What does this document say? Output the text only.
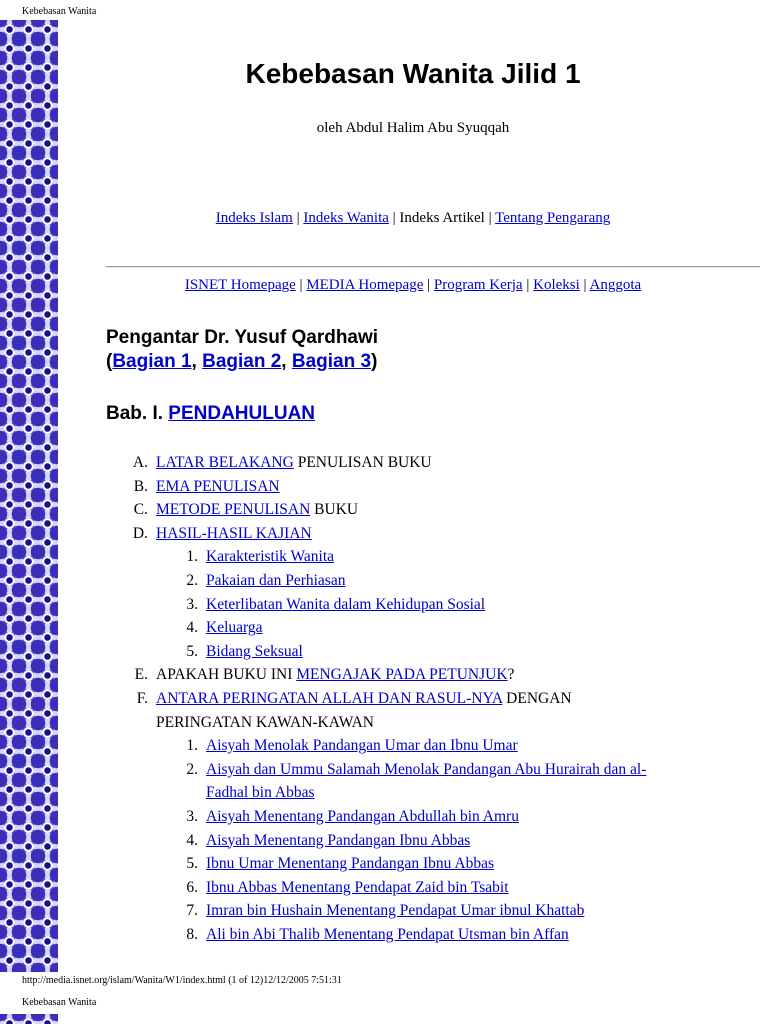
Kebebasan Wanita
Kebebasan Wanita Jilid 1
oleh Abdul Halim Abu Syuqqah
Indeks Islam | Indeks Wanita | Indeks Artikel | Tentang Pengarang
ISNET Homepage | MEDIA Homepage | Program Kerja | Koleksi | Anggota
Pengantar Dr. Yusuf Qardhawi
(Bagian 1, Bagian 2, Bagian 3)
Bab. I. PENDAHULUAN
A. LATAR BELAKANG PENULISAN BUKU
B. EMA PENULISAN
C. METODE PENULISAN BUKU
D. HASIL-HASIL KAJIAN
1. Karakteristik Wanita
2. Pakaian dan Perhiasan
3. Keterlibatan Wanita dalam Kehidupan Sosial
4. Keluarga
5. Bidang Seksual
E. APAKAH BUKU INI MENGAJAK PADA PETUNJUK?
F. ANTARA PERINGATAN ALLAH DAN RASUL-NYA DENGAN
PERINGATAN KAWAN-KAWAN
1. Aisyah Menolak Pandangan Umar dan Ibnu Umar
2. Aisyah dan Ummu Salamah Menolak Pandangan Abu Hurairah dan al-
Fadhal bin Abbas
3. Aisyah Menentang Pandangan Abdullah bin Amru
4. Aisyah Menentang Pandangan Ibnu Abbas
5. Ibnu Umar Menentang Pandangan Ibnu Abbas
6. Ibnu Abbas Menentang Pendapat Zaid bin Tsabit
7. Imran bin Hushain Menentang Pendapat Umar ibnul Khattab
8. Ali bin Abi Thalib Menentang Pendapat Utsman bin Affan
http://media.isnet.org/islam/Wanita/W1/index.html (1 of 12)12/12/2005 7:51:31
Kebebasan Wanita
